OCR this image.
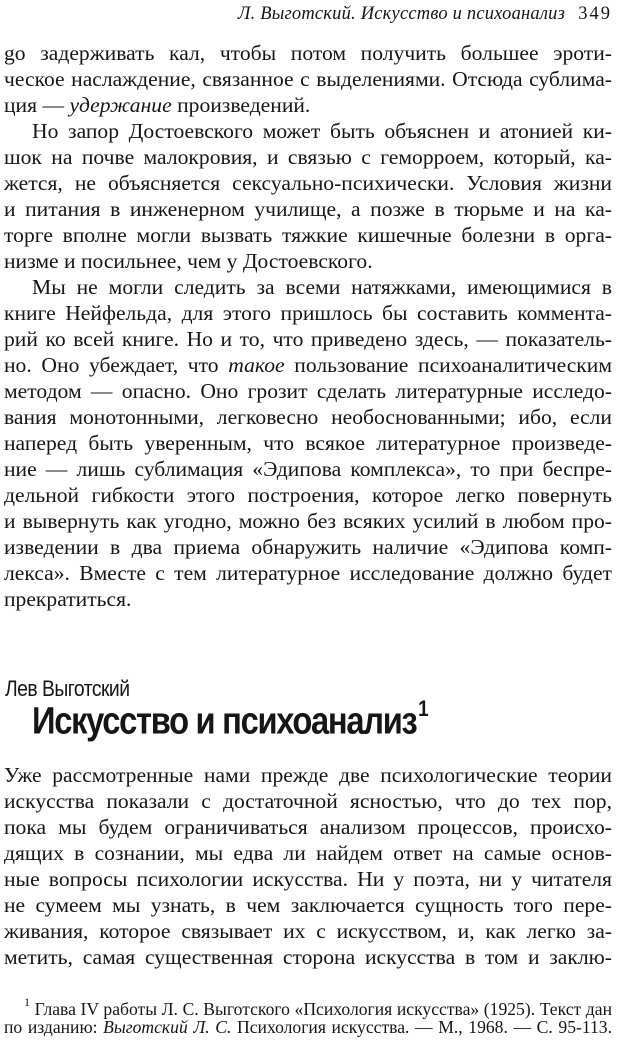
Л. Выготский. Искусство и психоанализ 349
go задерживать кал, чтобы потом получить большее эроти-
ческое наслаждение, связанное с выделениями. Отсюда сублима-
ция — удержание произведений.
Но запор Достоевского может быть объяснен и атонией ки-
шок на почве малокровия, и связью с геморроем, который, ка-
жется, не объясняется сексуально-психически. Условия жизни
и питания в инженерном училище, а позже в тюрьме и на ка-
торге вполне могли вызвать тяжкие кишечные болезни в орга-
низме и посильнее, чем у Достоевского.
Мы не могли следить за всеми натяжками, имеющимися в
книге Нейфельда, для этого пришлось бы составить коммента-
рий ко всей книге. Но и то, что приведено здесь, — показатель-
но. Оно убеждает, что такое пользование психоаналитическим
методом — опасно. Оно грозит сделать литературные исследо-
вания монотонными, легковесно необоснованными; ибо, если
наперед быть уверенным, что всякое литературное произведе-
ние — лишь сублимация «Эдипова комплекса», то при беспре-
дельной гибкости этого построения, которое легко повернуть
и вывернуть как угодно, можно без всяких усилий в любом про-
изведении в два приема обнаружить наличие «Эдипова комп-
лекса». Вместе с тем литературное исследование должно будет
прекратиться.
Лев Выготский
Искусство и психоанализ$^1$
Уже рассмотренные нами прежде две психологические теории
искусства показали с достаточной ясностью, что до тех пор,
пока мы будем ограничиваться анализом процессов, происхо-
дящих в сознании, мы едва ли найдем ответ на самые основ-
ные вопросы психологии искусства. Ни у поэта, ни у читателя
не сумеем мы узнать, в чем заключается сущность того пере-
живания, которое связывает их с искусством, и, как легко за-
метить, самая существенная сторона искусства в том и заклю-
$^1$ Глава IV работы Л. С. Выготского «Психология искусства» (1925). Текст дан
по изданию: Выготский Л. С. Психология искусства. — М., 1968. — С. 95-113.
